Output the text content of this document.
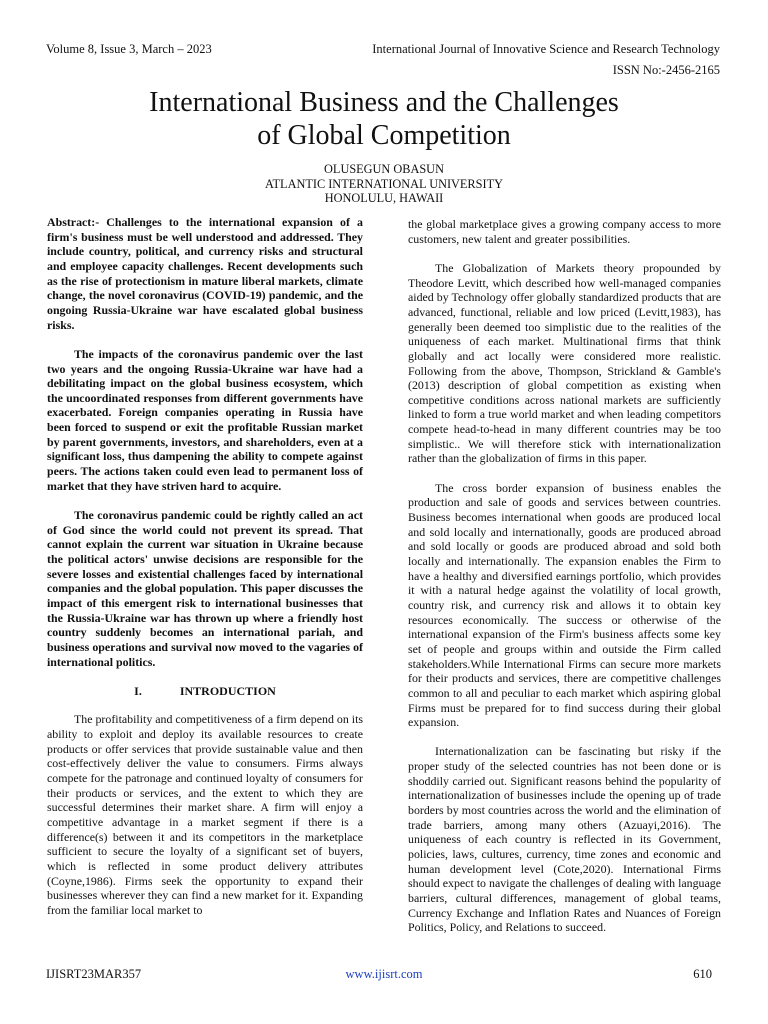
Volume 8, Issue 3, March – 2023	International Journal of Innovative Science and Research Technology
ISSN No:-2456-2165
International Business and the Challenges
of Global Competition
OLUSEGUN OBASUN
ATLANTIC INTERNATIONAL UNIVERSITY
HONOLULU, HAWAII

Abstract:- Challenges to the international expansion of a firm's business must be well understood and addressed. They include country, political, and currency risks and structural and employee capacity challenges. Recent developments such as the rise of protectionism in mature liberal markets, climate change, the novel coronavirus (COVID-19) pandemic, and the ongoing Russia-Ukraine war have escalated global business risks.

The impacts of the coronavirus pandemic over the last two years and the ongoing Russia-Ukraine war have had a debilitating impact on the global business ecosystem, which the uncoordinated responses from different governments have exacerbated. Foreign companies operating in Russia have been forced to suspend or exit the profitable Russian market by parent governments, investors, and shareholders, even at a significant loss, thus dampening the ability to compete against peers. The actions taken could even lead to permanent loss of market that they have striven hard to acquire.

The coronavirus pandemic could be rightly called an act of God since the world could not prevent its spread. That cannot explain the current war situation in Ukraine because the political actors' unwise decisions are responsible for the severe losses and existential challenges faced by international companies and the global population. This paper discusses the impact of this emergent risk to international businesses that the Russia-Ukraine war has thrown up where a friendly host country suddenly becomes an international pariah, and business operations and survival now moved to the vagaries of international politics.

I.	INTRODUCTION

The profitability and competitiveness of a firm depend on its ability to exploit and deploy its available resources to create products or offer services that provide sustainable value and then cost-effectively deliver the value to consumers. Firms always compete for the patronage and continued loyalty of consumers for their products or services, and the extent to which they are successful determines their market share. A firm will enjoy a competitive advantage in a market segment if there is a difference(s) between it and its competitors in the marketplace sufficient to secure the loyalty of a significant set of buyers, which is reflected in some product delivery attributes (Coyne,1986). Firms seek the opportunity to expand their businesses wherever they can find a new market for it. Expanding from the familiar local market to

the global marketplace gives a growing company access to more customers, new talent and greater possibilities.

The Globalization of Markets theory propounded by Theodore Levitt, which described how well-managed companies aided by Technology offer globally standardized products that are advanced, functional, reliable and low priced (Levitt,1983), has generally been deemed too simplistic due to the realities of the uniqueness of each market. Multinational firms that think globally and act locally were considered more realistic. Following from the above, Thompson, Strickland & Gamble's (2013) description of global competition as existing when competitive conditions across national markets are sufficiently linked to form a true world market and when leading competitors compete head-to-head in many different countries may be too simplistic.. We will therefore stick with internationalization rather than the globalization of firms in this paper.

The cross border expansion of business enables the production and sale of goods and services between countries. Business becomes international when goods are produced local and sold locally and internationally, goods are produced abroad and sold locally or goods are produced abroad and sold both locally and internationally. The expansion enables the Firm to have a healthy and diversified earnings portfolio, which provides it with a natural hedge against the volatility of local growth, country risk, and currency risk and allows it to obtain key resources economically. The success or otherwise of the international expansion of the Firm's business affects some key set of people and groups within and outside the Firm called stakeholders.While International Firms can secure more markets for their products and services, there are competitive challenges common to all and peculiar to each market which aspiring global Firms must be prepared for to find success during their global expansion.

Internationalization can be fascinating but risky if the proper study of the selected countries has not been done or is shoddily carried out. Significant reasons behind the popularity of internationalization of businesses include the opening up of trade borders by most countries across the world and the elimination of trade barriers, among many others (Azuayi,2016). The uniqueness of each country is reflected in its Government, policies, laws, cultures, currency, time zones and economic and human development level (Cote,2020). International Firms should expect to navigate the challenges of dealing with language barriers, cultural differences, management of global teams, Currency Exchange and Inflation Rates and Nuances of Foreign Politics, Policy, and Relations to succeed.

IJISRT23MAR357	www.ijisrt.com	610
